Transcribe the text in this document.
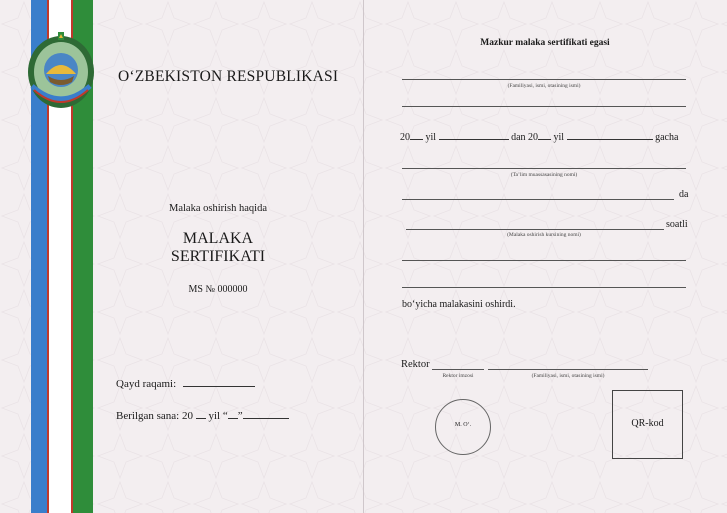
O‘ZBEKISTON RESPUBLIKASI
Malaka oshirish haqida
MALAKA
SERTIFIKATI
MS № 000000
Qayd raqami:
Berilgan sana: 20 yil “ ”
Mazkur malaka sertifikati egasi
(Familiyasi, ismi, otasining ismi)
20 yil	dan 20 yil	gacha
(Ta’lim muassasasining nomi)
da
soatli
(Malaka oshirish kursining nomi)
bo‘yicha malakasini oshirdi.
Rektor
Rektor imzosi	(Familiyasi, ismi, otasining ismi)
M. O‘.	QR-kod
